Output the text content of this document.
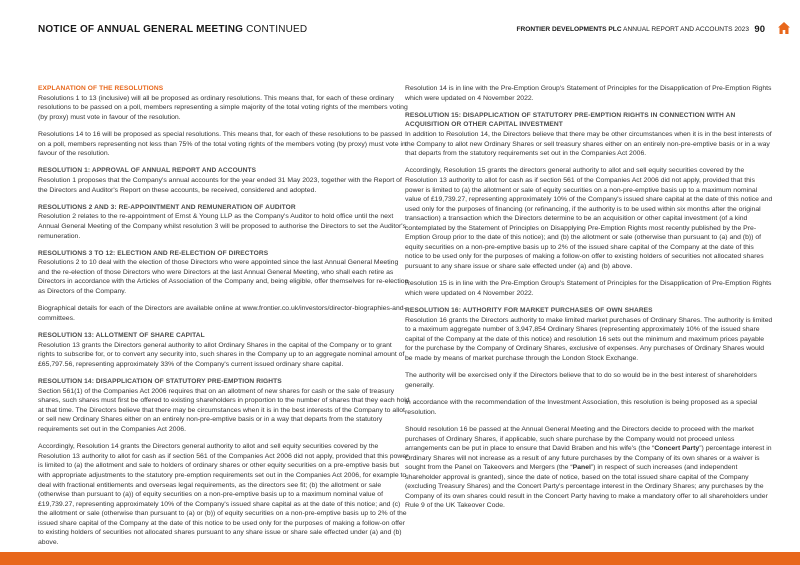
NOTICE OF ANNUAL GENERAL MEETING CONTINUED	FRONTIER DEVELOPMENTS PLC ANNUAL REPORT AND ACCOUNTS 2023 90
EXPLANATION OF THE RESOLUTIONS
Resolutions 1 to 13 (inclusive) will all be proposed as ordinary resolutions. This means that, for each of these ordinary resolutions to be passed on a poll, members representing a simple majority of the total voting rights of the members voting (by proxy) must vote in favour of the resolution.
Resolutions 14 to 16 will be proposed as special resolutions. This means that, for each of these resolutions to be passed on a poll, members representing not less than 75% of the total voting rights of the members voting (by proxy) must vote in favour of the resolution.
RESOLUTION 1: APPROVAL OF ANNUAL REPORT AND ACCOUNTS
Resolution 1 proposes that the Company's annual accounts for the year ended 31 May 2023, together with the Report of the Directors and Auditor's Report on these accounts, be received, considered and adopted.
RESOLUTIONS 2 AND 3: RE-APPOINTMENT AND REMUNERATION OF AUDITOR
Resolution 2 relates to the re-appointment of Ernst & Young LLP as the Company's Auditor to hold office until the next Annual General Meeting of the Company whilst resolution 3 will be proposed to authorise the Directors to set the Auditor's remuneration.
RESOLUTIONS 3 TO 12: ELECTION AND RE-ELECTION OF DIRECTORS
Resolutions 2 to 10 deal with the election of those Directors who were appointed since the last Annual General Meeting and the re-election of those Directors who were Directors at the last Annual General Meeting, who shall each retire as Directors in accordance with the Articles of Association of the Company and, being eligible, offer themselves for re-election as Directors of the Company.
Biographical details for each of the Directors are available online at www.frontier.co.uk/investors/director-biographies-and-committees.
RESOLUTION 13: ALLOTMENT OF SHARE CAPITAL
Resolution 13 grants the Directors general authority to allot Ordinary Shares in the capital of the Company or to grant rights to subscribe for, or to convert any security into, such shares in the Company up to an aggregate nominal amount of £65,797.56, representing approximately 33% of the Company's current issued ordinary share capital.
RESOLUTION 14: DISAPPLICATION OF STATUTORY PRE-EMPTION RIGHTS
Section 561(1) of the Companies Act 2006 requires that on an allotment of new shares for cash or the sale of treasury shares, such shares must first be offered to existing shareholders in proportion to the number of shares that they each hold at that time. The Directors believe that there may be circumstances when it is in the best interests of the Company to allot or sell new Ordinary Shares either on an entirely non-pre-emptive basis or in a way that departs from the statutory requirements set out in the Companies Act 2006.
Accordingly, Resolution 14 grants the Directors general authority to allot and sell equity securities covered by the Resolution 13 authority to allot for cash as if section 561 of the Companies Act 2006 did not apply, provided that this power is limited to (a) the allotment and sale to holders of ordinary shares or other equity securities on a pre-emptive basis but with appropriate adjustments to the statutory pre-emption requirements set out in the Companies Act 2006, for example to deal with fractional entitlements and overseas legal requirements, as the directors see fit; (b) the allotment or sale (otherwise than pursuant to (a)) of equity securities on a non-pre-emptive basis up to a maximum nominal value of £19,739.27, representing approximately 10% of the Company's issued share capital as at the date of this notice; and (c) the allotment or sale (otherwise than pursuant to (a) or (b)) of equity securities on a non-pre-emptive basis up to 2% of the issued share capital of the Company at the date of this notice to be used only for the purposes of making a follow-on offer to existing holders of securities not allocated shares pursuant to any share issue or share sale effected under (a) and (b) above.
Resolution 14 is in line with the Pre-Emption Group's Statement of Principles for the Disapplication of Pre-Emption Rights which were updated on 4 November 2022.
RESOLUTION 15: DISAPPLICATION OF STATUTORY PRE-EMPTION RIGHTS IN CONNECTION WITH AN ACQUISITION OR OTHER CAPITAL INVESTMENT
In addition to Resolution 14, the Directors believe that there may be other circumstances when it is in the best interests of the Company to allot new Ordinary Shares or sell treasury shares either on an entirely non-pre-emptive basis or in a way that departs from the statutory requirements set out in the Companies Act 2006.
Accordingly, Resolution 15 grants the directors general authority to allot and sell equity securities covered by the Resolution 13 authority to allot for cash as if section 561 of the Companies Act 2006 did not apply, provided that this power is limited to (a) the allotment or sale of equity securities on a non-pre-emptive basis up to a maximum nominal value of £19,739.27, representing approximately 10% of the Company's issued share capital at the date of this notice and used only for the purposes of financing (or refinancing, if the authority is to be used within six months after the original transaction) a transaction which the Directors determine to be an acquisition or other capital investment (of a kind contemplated by the Statement of Principles on Disapplying Pre-Emption Rights most recently published by the Pre-Emption Group prior to the date of this notice); and (b) the allotment or sale (otherwise than pursuant to (a) and (b)) of equity securities on a non-pre-emptive basis up to 2% of the issued share capital of the Company at the date of this notice to be used only for the purposes of making a follow-on offer to existing holders of securities not allocated shares pursuant to any share issue or share sale effected under (a) and (b) above.
Resolution 15 is in line with the Pre-Emption Group's Statement of Principles for the Disapplication of Pre-Emption Rights which were updated on 4 November 2022.
RESOLUTION 16: AUTHORITY FOR MARKET PURCHASES OF OWN SHARES
Resolution 16 grants the Directors authority to make limited market purchases of Ordinary Shares. The authority is limited to a maximum aggregate number of 3,947,854 Ordinary Shares (representing approximately 10% of the issued share capital of the Company at the date of this notice) and resolution 16 sets out the minimum and maximum prices payable for the purchase by the Company of Ordinary Shares, exclusive of expenses. Any purchases of Ordinary Shares would be made by means of market purchase through the London Stock Exchange.
The authority will be exercised only if the Directors believe that to do so would be in the best interest of shareholders generally.
In accordance with the recommendation of the Investment Association, this resolution is being proposed as a special resolution.
Should resolution 16 be passed at the Annual General Meeting and the Directors decide to proceed with the market purchases of Ordinary Shares, if applicable, such share purchase by the Company would not proceed unless arrangements can be put in place to ensure that David Braben and his wife's (the “Concert Party”) percentage interest in Ordinary Shares will not increase as a result of any future purchases by the Company of its own shares or a waiver is sought from the Panel on Takeovers and Mergers (the “Panel”) in respect of such increases (and independent shareholder approval is granted), since the date of notice, based on the total issued share capital of the Company (excluding Treasury Shares) and the Concert Party's percentage interest in the Ordinary Shares; any purchases by the Company of its own shares could result in the Concert Party having to make a mandatory offer to all shareholders under Rule 9 of the UK Takeover Code.
